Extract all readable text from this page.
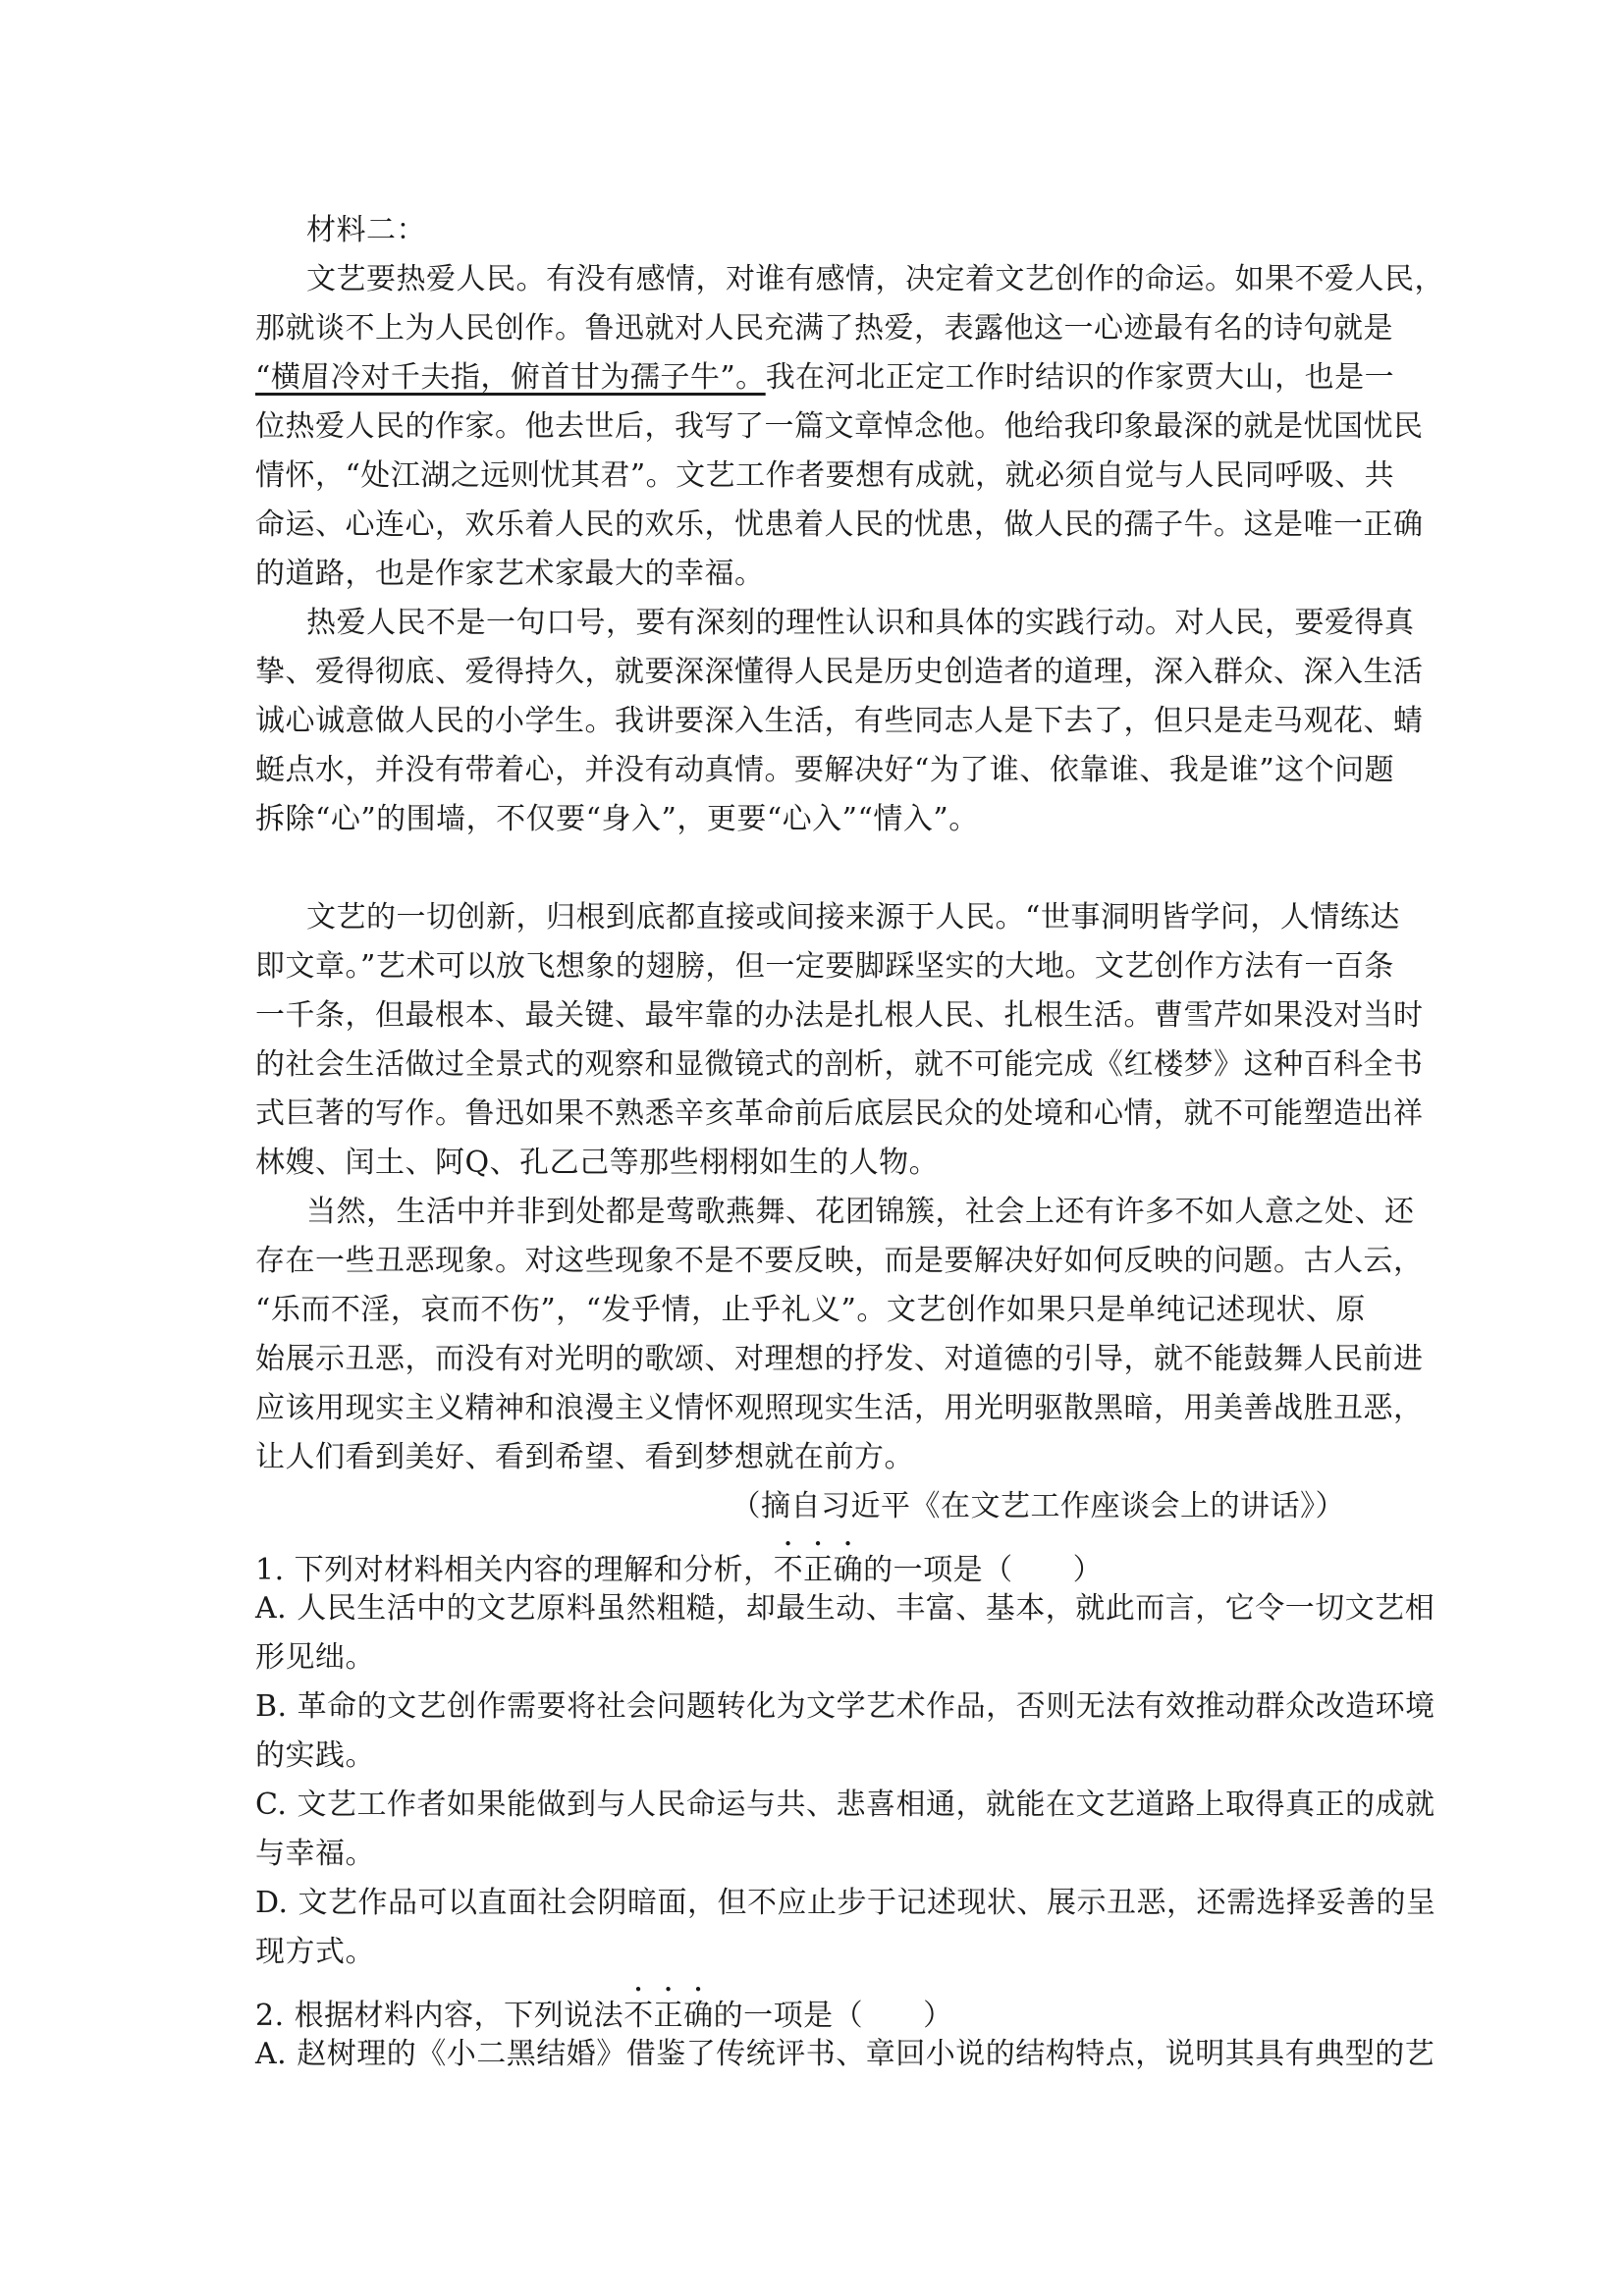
材料二：
文艺要热爱人民。有没有感情，对谁有感情，决定着文艺创作的命运。如果不爱人民，
那就谈不上为人民创作。鲁迅就对人民充满了热爱，表露他这一心迹最有名的诗句就是
“横眉冷对千夫指，俯首甘为孺子牛”。我在河北正定工作时结识的作家贾大山，也是一
位热爱人民的作家。他去世后，我写了一篇文章悼念他。他给我印象最深的就是忧国忧民
情怀，“处江湖之远则忧其君”。文艺工作者要想有成就，就必须自觉与人民同呼吸、共
命运、心连心，欢乐着人民的欢乐，忧患着人民的忧患，做人民的孺子牛。这是唯一正确
的道路，也是作家艺术家最大的幸福。
热爱人民不是一句口号，要有深刻的理性认识和具体的实践行动。对人民，要爱得真
挚、爱得彻底、爱得持久，就要深深懂得人民是历史创造者的道理，深入群众、深入生活
诚心诚意做人民的小学生。我讲要深入生活，有些同志人是下去了，但只是走马观花、蜻
蜓点水，并没有带着心，并没有动真情。要解决好“为了谁、依靠谁、我是谁”这个问题
拆除“心”的围墙，不仅要“身入”，更要“心入”“情入”。
文艺的一切创新，归根到底都直接或间接来源于人民。“世事洞明皆学问，人情练达
即文章。”艺术可以放飞想象的翅膀，但一定要脚踩坚实的大地。文艺创作方法有一百条
一千条，但最根本、最关键、最牢靠的办法是扎根人民、扎根生活。曹雪芹如果没对当时
的社会生活做过全景式的观察和显微镜式的剖析，就不可能完成《红楼梦》这种百科全书
式巨著的写作。鲁迅如果不熟悉辛亥革命前后底层民众的处境和心情，就不可能塑造出祥
林嫂、闰土、阿Q、孔乙己等那些栩栩如生的人物。
当然，生活中并非到处都是莺歌燕舞、花团锦簇，社会上还有许多不如人意之处、还
存在一些丑恶现象。对这些现象不是不要反映，而是要解决好如何反映的问题。古人云，
“乐而不淫，哀而不伤”，“发乎情，止乎礼义”。文艺创作如果只是单纯记述现状、原
始展示丑恶，而没有对光明的歌颂、对理想的抒发、对道德的引导，就不能鼓舞人民前进
应该用现实主义精神和浪漫主义情怀观照现实生活，用光明驱散黑暗，用美善战胜丑恶，
让人们看到美好、看到希望、看到梦想就在前方。
（摘自习近平《在文艺工作座谈会上的讲话》）
1. 下列对材料相关内容的理解和分析，不正确的一项是（　　）
A. 人民生活中的文艺原料虽然粗糙，却最生动、丰富、基本，就此而言，它令一切文艺相
形见绌。
B. 革命的文艺创作需要将社会问题转化为文学艺术作品，否则无法有效推动群众改造环境
的实践。
C. 文艺工作者如果能做到与人民命运与共、悲喜相通，就能在文艺道路上取得真正的成就
与幸福。
D. 文艺作品可以直面社会阴暗面，但不应止步于记述现状、展示丑恶，还需选择妥善的呈
现方式。
2. 根据材料内容，下列说法不正确的一项是（　　）
A. 赵树理的《小二黑结婚》借鉴了传统评书、章回小说的结构特点，说明其具有典型的艺
